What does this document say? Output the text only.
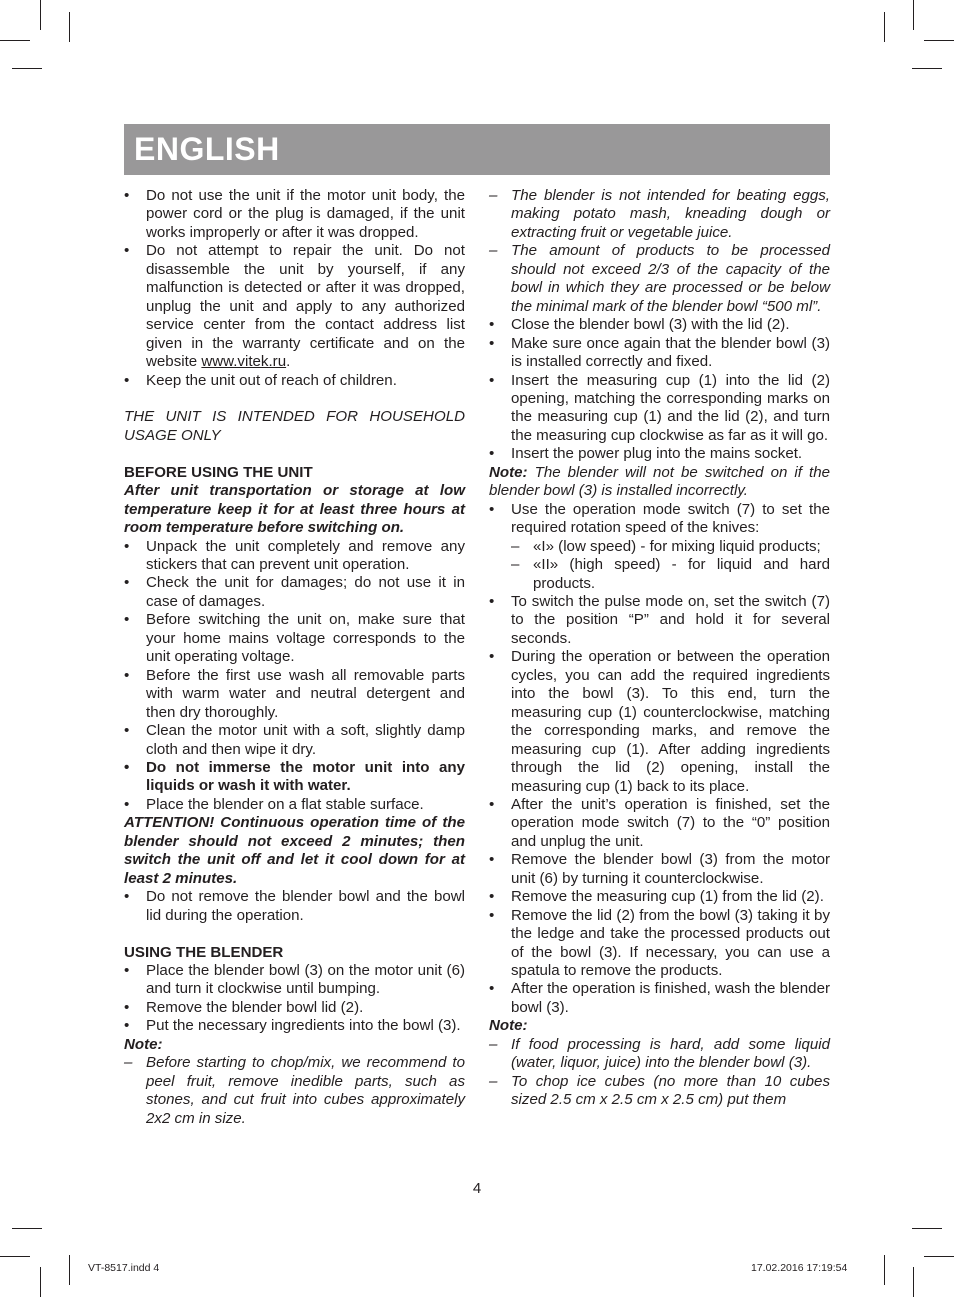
ENGLISH
• Do not use the unit if the motor unit body, the power cord or the plug is damaged, if the unit works improperly or after it was dropped.
• Do not attempt to repair the unit. Do not disassemble the unit by yourself, if any malfunction is detected or after it was dropped, unplug the unit and apply to any authorized service center from the contact address list given in the warranty certificate and on the website www.vitek.ru.
• Keep the unit out of reach of children.
THE UNIT IS INTENDED FOR HOUSEHOLD USAGE ONLY
BEFORE USING THE UNIT
After unit transportation or storage at low temperature keep it for at least three hours at room temperature before switching on.
• Unpack the unit completely and remove any stickers that can prevent unit operation.
• Check the unit for damages; do not use it in case of damages.
• Before switching the unit on, make sure that your home mains voltage corresponds to the unit operating voltage.
• Before the first use wash all removable parts with warm water and neutral detergent and then dry thoroughly.
• Clean the motor unit with a soft, slightly damp cloth and then wipe it dry.
• Do not immerse the motor unit into any liquids or wash it with water.
• Place the blender on a flat stable surface.
ATTENTION! Continuous operation time of the blender should not exceed 2 minutes; then switch the unit off and let it cool down for at least 2 minutes.
• Do not remove the blender bowl and the bowl lid during the operation.
USING THE BLENDER
• Place the blender bowl (3) on the motor unit (6) and turn it clockwise until bumping.
• Remove the blender bowl lid (2).
• Put the necessary ingredients into the bowl (3).
Note:
– Before starting to chop/mix, we recommend to peel fruit, remove inedible parts, such as stones, and cut fruit into cubes approximately 2x2 cm in size.
– The blender is not intended for beating eggs, making potato mash, kneading dough or extracting fruit or vegetable juice.
– The amount of products to be processed should not exceed 2/3 of the capacity of the bowl in which they are processed or be below the minimal mark of the blender bowl “500 ml”.
• Close the blender bowl (3) with the lid (2).
• Make sure once again that the blender bowl (3) is installed correctly and fixed.
• Insert the measuring cup (1) into the lid (2) opening, matching the corresponding marks on the measuring cup (1) and the lid (2), and turn the measuring cup clockwise as far as it will go.
• Insert the power plug into the mains socket.
Note: The blender will not be switched on if the blender bowl (3) is installed incorrectly.
• Use the operation mode switch (7) to set the required rotation speed of the knives:
– «I» (low speed) - for mixing liquid products;
– «II» (high speed) - for liquid and hard products.
• To switch the pulse mode on, set the switch (7) to the position “P” and hold it for several seconds.
• During the operation or between the operation cycles, you can add the required ingredients into the bowl (3). To this end, turn the measuring cup (1) counterclockwise, matching the corresponding marks, and remove the measuring cup (1). After adding ingredients through the lid (2) opening, install the measuring cup (1) back to its place.
• After the unit’s operation is finished, set the operation mode switch (7) to the “0” position and unplug the unit.
• Remove the blender bowl (3) from the motor unit (6) by turning it counterclockwise.
• Remove the measuring cup (1) from the lid (2).
• Remove the lid (2) from the bowl (3) taking it by the ledge and take the processed products out of the bowl (3). If necessary, you can use a spatula to remove the products.
• After the operation is finished, wash the blender bowl (3).
Note:
– If food processing is hard, add some liquid (water, liquor, juice) into the blender bowl (3).
– To chop ice cubes (no more than 10 cubes sized 2.5 cm x 2.5 cm x 2.5 cm) put them
4
VT-8517.indd 4	17.02.2016 17:19:54
